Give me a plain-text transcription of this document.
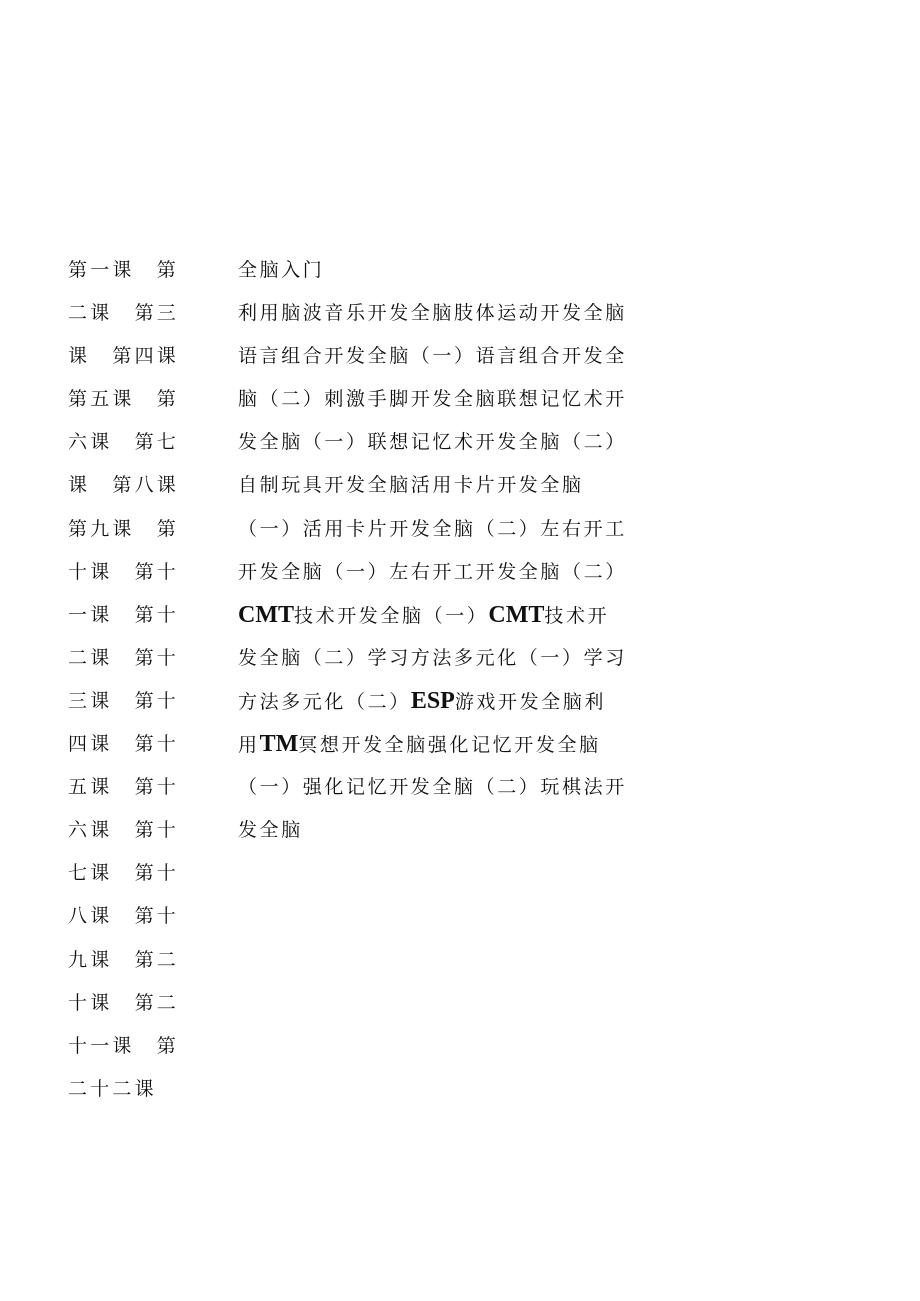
第一课　第
二课　第三
课　第四课
第五课　第
六课　第七
课　第八课
第九课　第
十课　第十
一课　第十
二课　第十
三课　第十
四课　第十
五课　第十
六课　第十
七课　第十
八课　第十
九课　第二
十课　第二
十一课　第
二十二课
全脑入门
利用脑波音乐开发全脑肢体运动开发全脑
语言组合开发全脑（一）语言组合开发全
脑（二）刺激手脚开发全脑联想记忆术开
发全脑（一）联想记忆术开发全脑（二）
自制玩具开发全脑活用卡片开发全脑
（一）活用卡片开发全脑（二）左右开工
开发全脑（一）左右开工开发全脑（二）
CMT技术开发全脑（一）CMT技术开
发全脑（二）学习方法多元化（一）学习
方法多元化（二）ESP游戏开发全脑利
用TM冥想开发全脑强化记忆开发全脑
（一）强化记忆开发全脑（二）玩棋法开
发全脑
